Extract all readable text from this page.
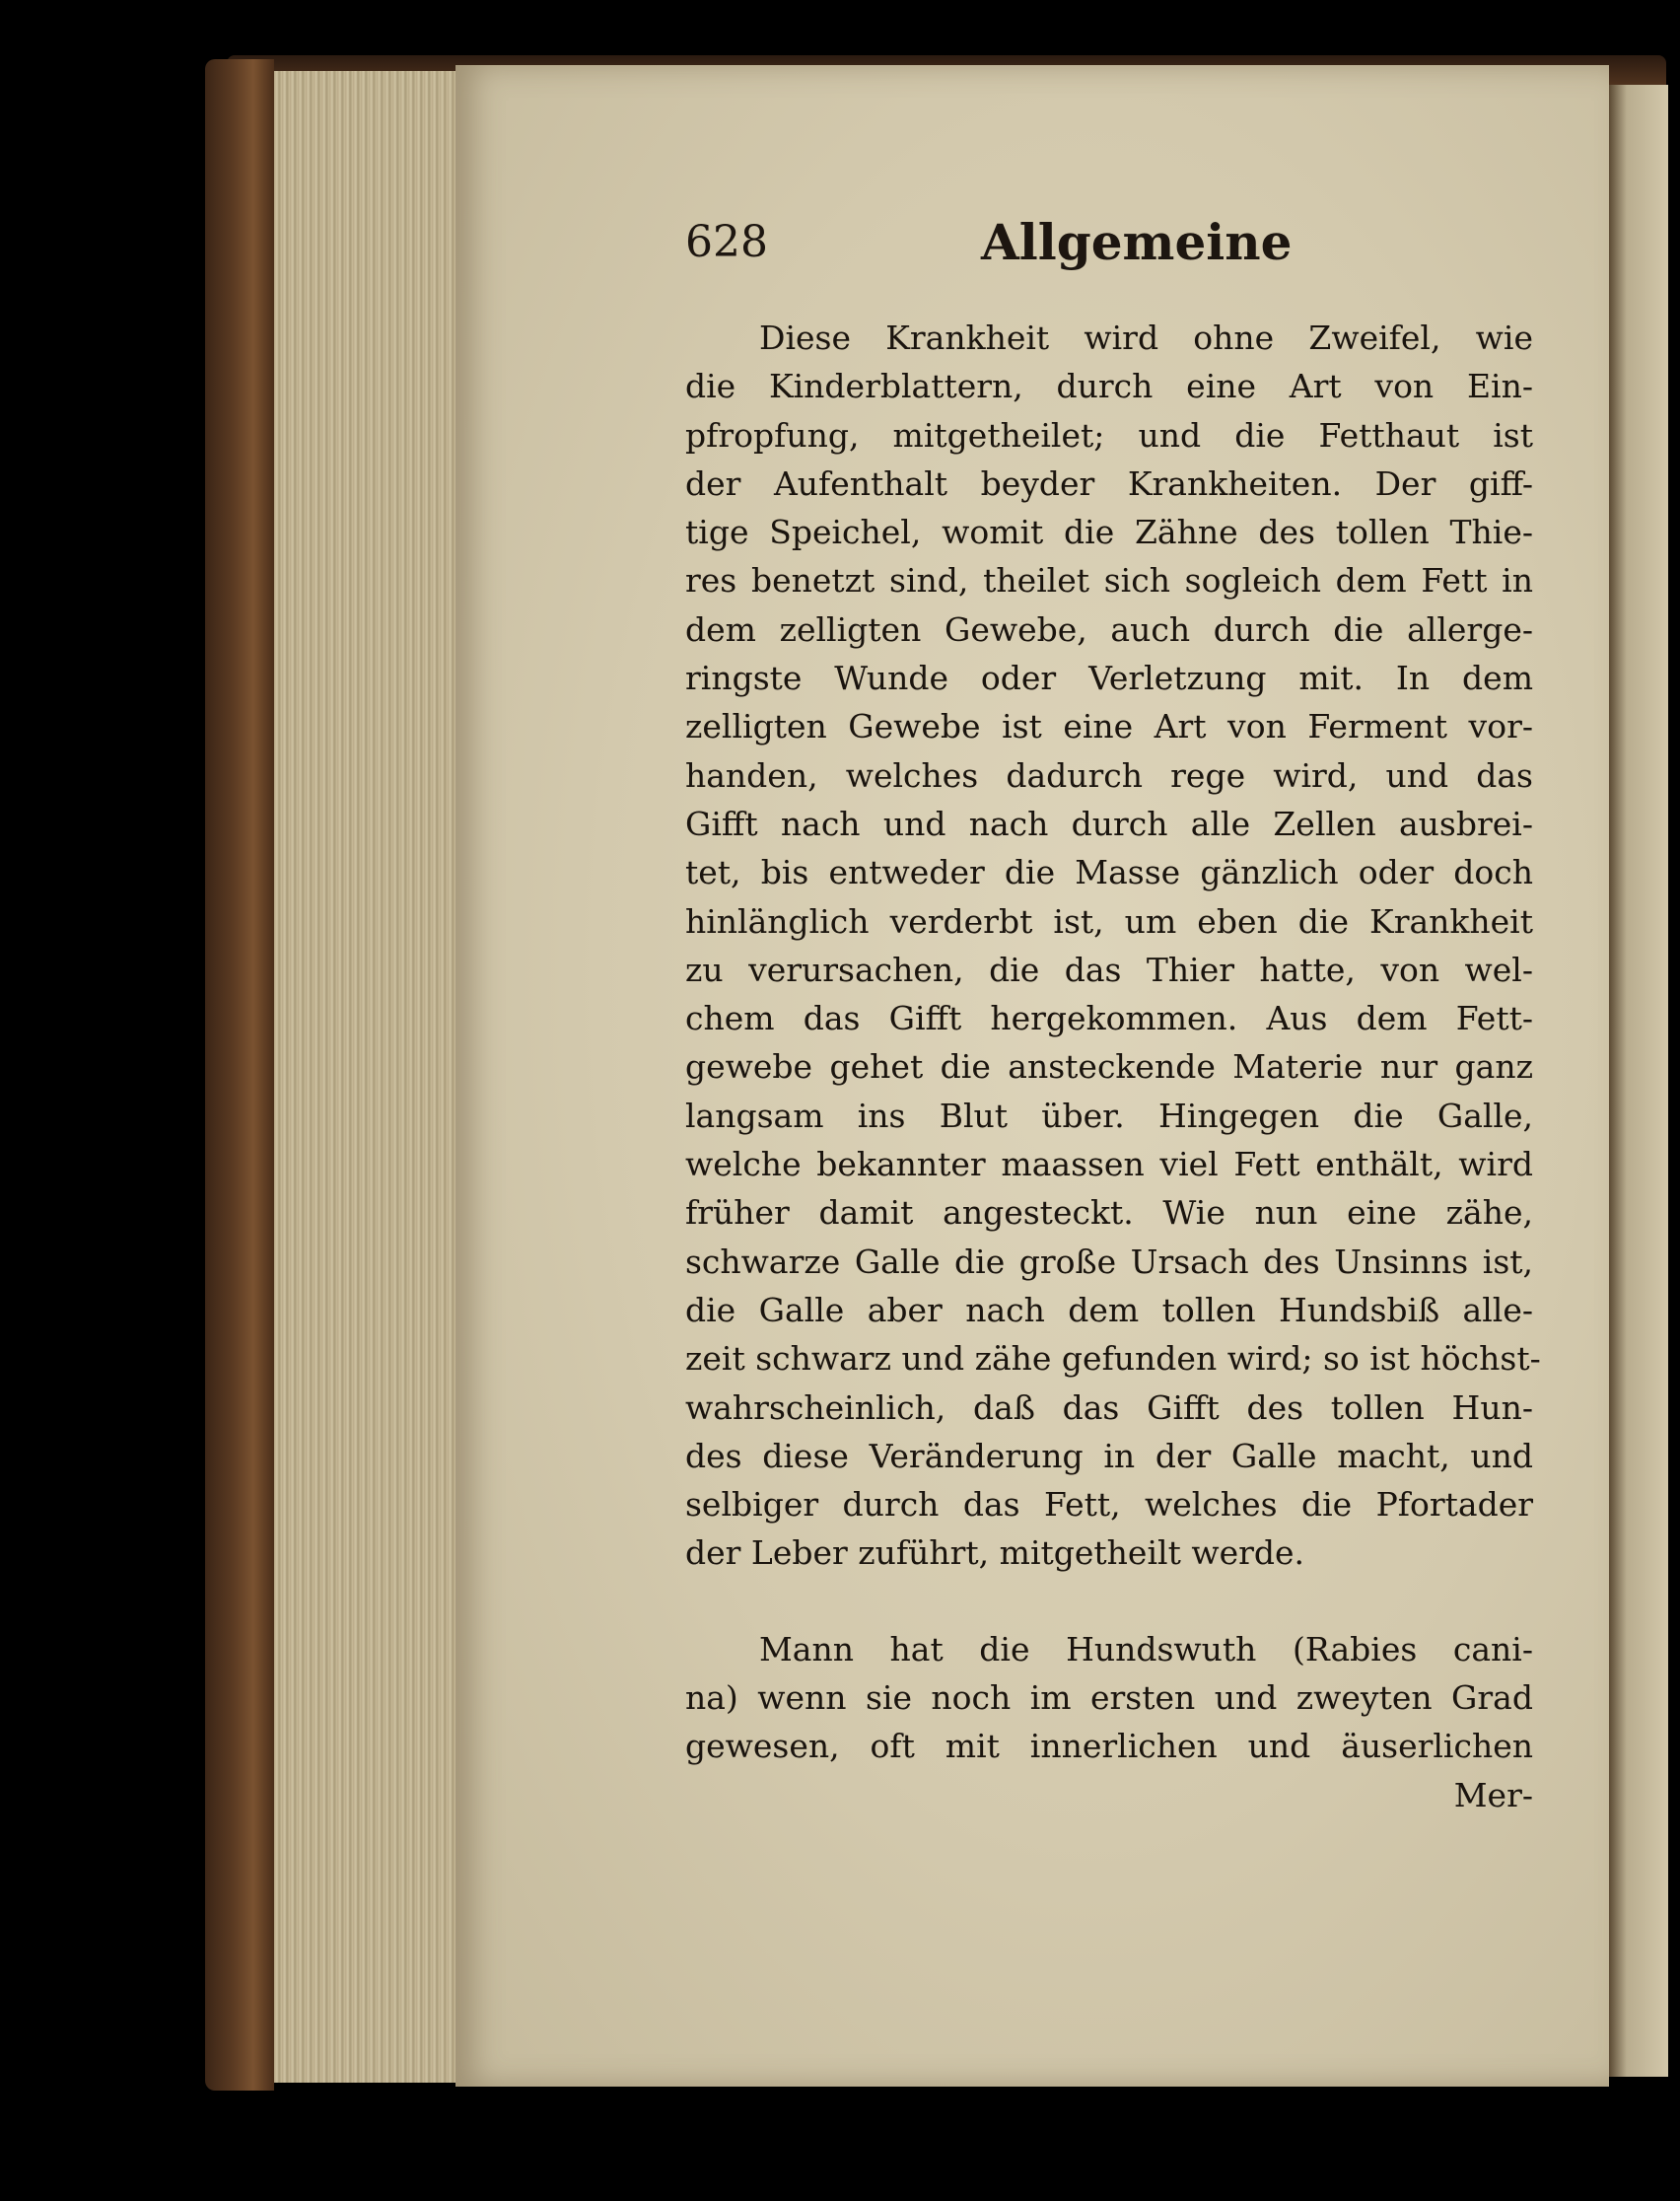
628	Allgemeine
Diese Krankheit wird ohne Zweifel, wie
die Kinderblattern, durch eine Art von Ein-
pfropfung, mitgetheilet; und die Fetthaut ist
der Aufenthalt beyder Krankheiten. Der giff-
tige Speichel, womit die Zähne des tollen Thie-
res benetzt sind, theilet sich sogleich dem Fett in
dem zelligten Gewebe, auch durch die allerge-
ringste Wunde oder Verletzung mit. In dem
zelligten Gewebe ist eine Art von Ferment vor-
handen, welches dadurch rege wird, und das
Gifft nach und nach durch alle Zellen ausbrei-
tet, bis entweder die Masse gänzlich oder doch
hinlänglich verderbt ist, um eben die Krankheit
zu verursachen, die das Thier hatte, von wel-
chem das Gifft hergekommen. Aus dem Fett-
gewebe gehet die ansteckende Materie nur ganz
langsam ins Blut über. Hingegen die Galle,
welche bekannter maassen viel Fett enthält, wird
früher damit angesteckt. Wie nun eine zähe,
schwarze Galle die große Ursach des Unsinns ist,
die Galle aber nach dem tollen Hundsbiß alle-
zeit schwarz und zähe gefunden wird; so ist höchst-
wahrscheinlich, daß das Gifft des tollen Hun-
des diese Veränderung in der Galle macht, und
selbiger durch das Fett, welches die Pfortader
der Leber zuführt, mitgetheilt werde.
Mann hat die Hundswuth (Rabies cani-
na) wenn sie noch im ersten und zweyten Grad
gewesen, oft mit innerlichen und äuserlichen
Mer-
